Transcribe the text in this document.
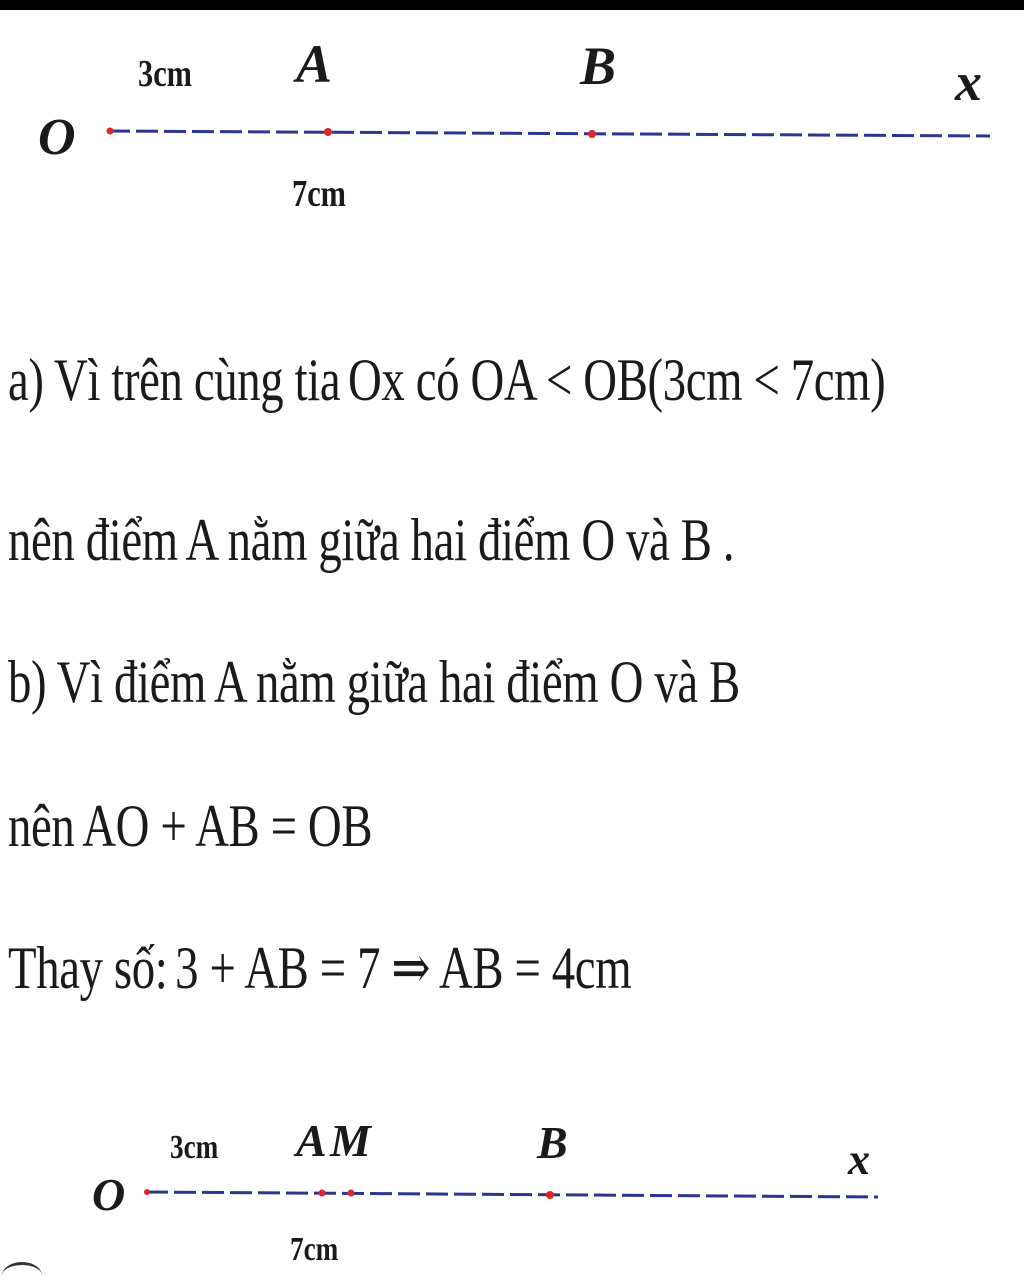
O
3cm A	B	x
7cm
a) Vì trên cùng tia Ox có OA < OB(3cm < 7cm)
nên điểm A nằm giữa hai điểm O và B .
b) Vì điểm A nằm giữa hai điểm O và B
nên AO + AB = OB
Thay số: 3 + AB = 7 ⇒ AB = 4cm
O
3cm A M	B	x
7cm
